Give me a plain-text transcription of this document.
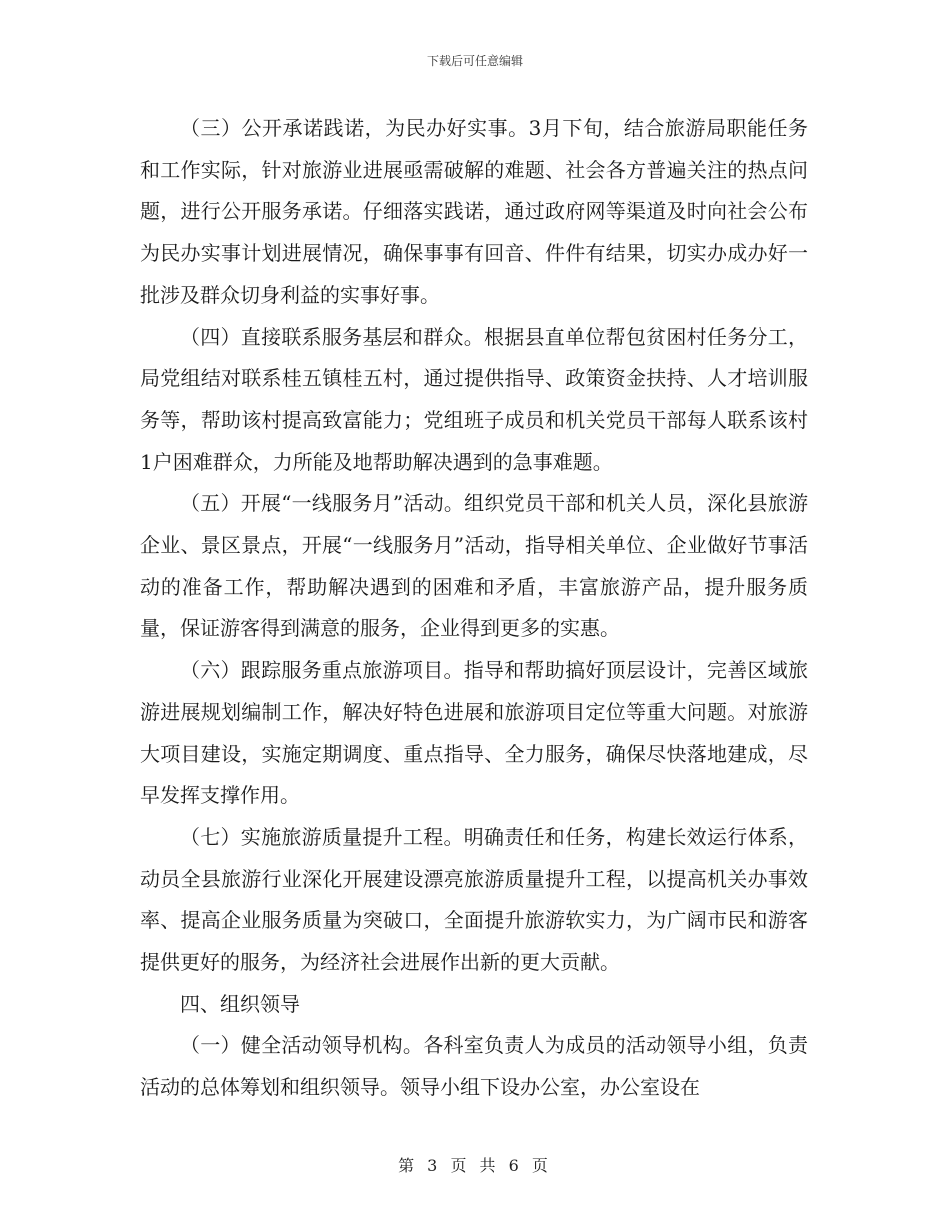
下载后可任意编辑

（三）公开承诺践诺，为民办好实事。3月下旬，结合旅游局职能任务和工作实际，针对旅游业进展亟需破解的难题、社会各方普遍关注的热点问题，进行公开服务承诺。仔细落实践诺，通过政府网等渠道及时向社会公布为民办实事计划进展情况，确保事事有回音、件件有结果，切实办成办好一批涉及群众切身利益的实事好事。

（四）直接联系服务基层和群众。根据县直单位帮包贫困村任务分工，局党组结对联系桂五镇桂五村，通过提供指导、政策资金扶持、人才培训服务等，帮助该村提高致富能力；党组班子成员和机关党员干部每人联系该村1户困难群众，力所能及地帮助解决遇到的急事难题。

（五）开展“一线服务月”活动。组织党员干部和机关人员，深化县旅游企业、景区景点，开展“一线服务月”活动，指导相关单位、企业做好节事活动的准备工作，帮助解决遇到的困难和矛盾，丰富旅游产品，提升服务质量，保证游客得到满意的服务，企业得到更多的实惠。

（六）跟踪服务重点旅游项目。指导和帮助搞好顶层设计，完善区域旅游进展规划编制工作，解决好特色进展和旅游项目定位等重大问题。对旅游大项目建设，实施定期调度、重点指导、全力服务，确保尽快落地建成，尽早发挥支撑作用。

（七）实施旅游质量提升工程。明确责任和任务，构建长效运行体系，动员全县旅游行业深化开展建设漂亮旅游质量提升工程，以提高机关办事效率、提高企业服务质量为突破口，全面提升旅游软实力，为广阔市民和游客提供更好的服务，为经济社会进展作出新的更大贡献。

四、组织领导

（一）健全活动领导机构。各科室负责人为成员的活动领导小组，负责活动的总体筹划和组织领导。领导小组下设办公室，办公室设在

第 3 页 共 6 页
